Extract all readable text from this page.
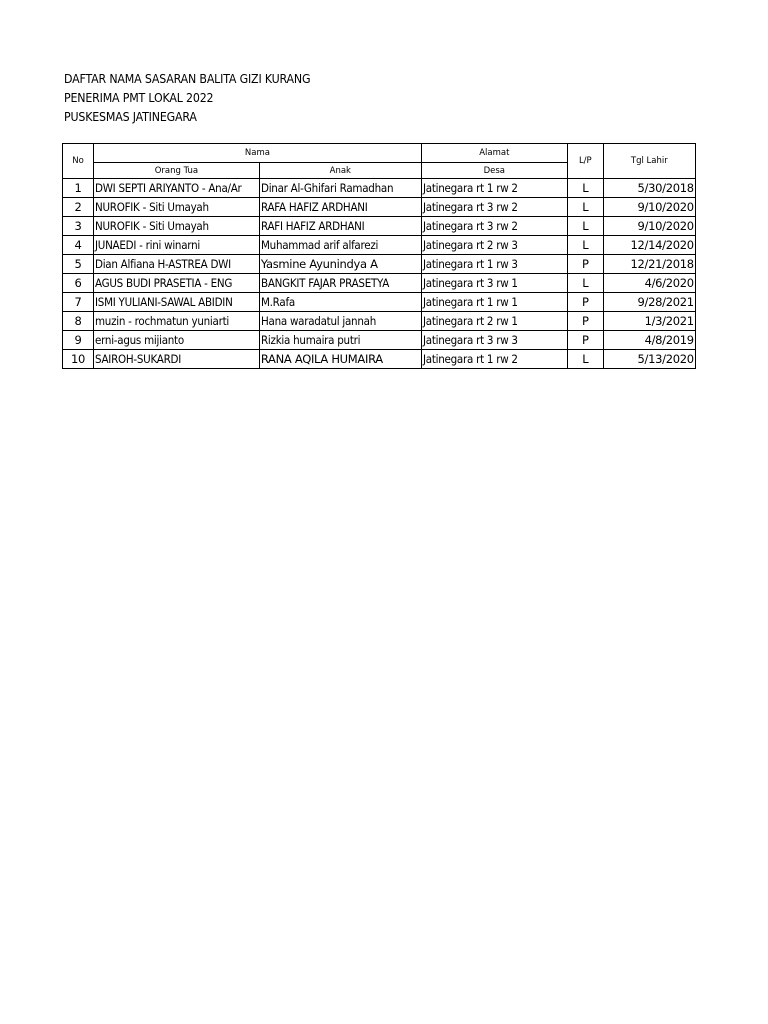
DAFTAR NAMA SASARAN BALITA GIZI KURANG
PENERIMA PMT LOKAL 2022
PUSKESMAS JATINEGARA
No	Nama		Alamat	L/P	Tgl Lahir
	Orang Tua	Anak	Desa		
1	DWI SEPTI ARIYANTO - Ana/Ar	Dinar Al-Ghifari Ramadhan	Jatinegara rt 1 rw 2	L	5/30/2018
2	NUROFIK - Siti Umayah	RAFA HAFIZ ARDHANI	Jatinegara rt 3 rw 2	L	9/10/2020
3	NUROFIK - Siti Umayah	RAFI HAFIZ ARDHANI	Jatinegara rt 3 rw 2	L	9/10/2020
4	JUNAEDI - rini winarni	Muhammad arif alfarezi	Jatinegara rt 2 rw 3	L	12/14/2020
5	Dian Alfiana H-ASTREA DWI	Yasmine Ayunindya A	Jatinegara rt 1 rw 3	P	12/21/2018
6	AGUS BUDI PRASETIA - ENG	BANGKIT FAJAR PRASETYA	Jatinegara rt 3 rw 1	L	4/6/2020
7	ISMI YULIANI-SAWAL ABIDIN	M.Rafa	Jatinegara rt 1 rw 1	P	9/28/2021
8	muzin - rochmatun yuniarti	Hana waradatul jannah	Jatinegara rt 2 rw 1	P	1/3/2021
9	erni-agus mijianto	Rizkia humaira putri	Jatinegara rt 3 rw 3	P	4/8/2019
10	SAIROH-SUKARDI	RANA AQILA HUMAIRA	Jatinegara rt 1 rw 2	L	5/13/2020
